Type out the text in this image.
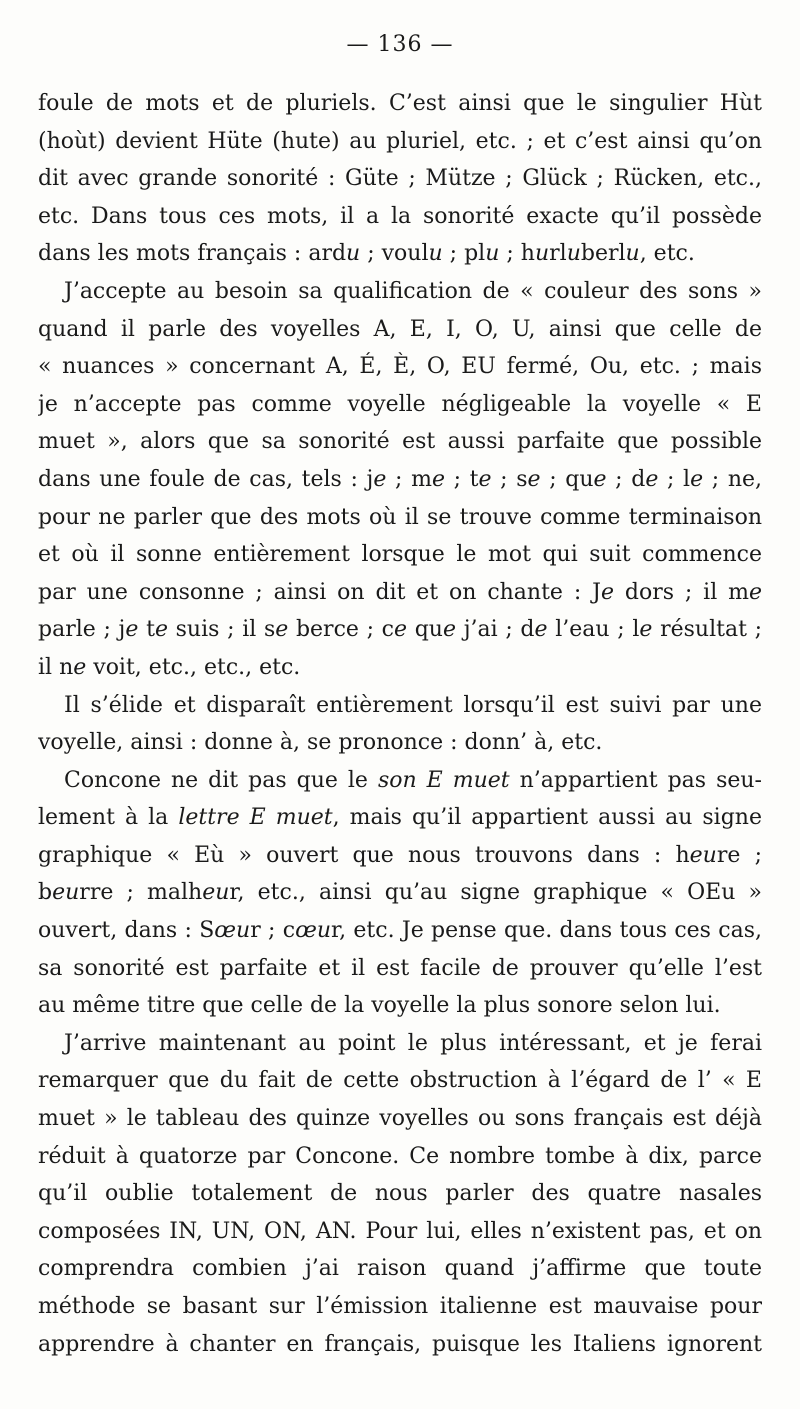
— 136 —
foule de mots et de pluriels. C’est ainsi que le singulier Hùt
(hoùt) devient Hüte (hute) au pluriel, etc. ; et c’est ainsi qu’on
dit avec grande sonorité : Güte ; Mütze ; Glück ; Rücken, etc.,
etc. Dans tous ces mots, il a la sonorité exacte qu’il possède
dans les mots français : ardu ; voulu ; plu ; hurluberlu, etc.
J’accepte au besoin sa qualification de « couleur des sons »
quand il parle des voyelles A, E, I, O, U, ainsi que celle de
« nuances » concernant A, É, È, O, EU fermé, Ou, etc. ; mais
je n’accepte pas comme voyelle négligeable la voyelle « E
muet », alors que sa sonorité est aussi parfaite que possible
dans une foule de cas, tels : je ; me ; te ; se ; que ; de ; le ; ne,
pour ne parler que des mots où il se trouve comme terminaison
et où il sonne entièrement lorsque le mot qui suit commence
par une consonne ; ainsi on dit et on chante : Je dors ; il me
parle ; je te suis ; il se berce ; ce que j’ai ; de l’eau ; le résultat ;
il ne voit, etc., etc., etc.
Il s’élide et disparaît entièrement lorsqu’il est suivi par une
voyelle, ainsi : donne à, se prononce : donn’ à, etc.
Concone ne dit pas que le son E muet n’appartient pas seu-
lement à la lettre E muet, mais qu’il appartient aussi au signe
graphique « Eù » ouvert que nous trouvons dans : heure ;
beurre ; malheur, etc., ainsi qu’au signe graphique « OEu »
ouvert, dans : Sœur ; cœur, etc. Je pense que. dans tous ces cas,
sa sonorité est parfaite et il est facile de prouver qu’elle l’est
au même titre que celle de la voyelle la plus sonore selon lui.
J’arrive maintenant au point le plus intéressant, et je ferai
remarquer que du fait de cette obstruction à l’égard de l’ « E
muet » le tableau des quinze voyelles ou sons français est déjà
réduit à quatorze par Concone. Ce nombre tombe à dix, parce
qu’il oublie totalement de nous parler des quatre nasales
composées IN, UN, ON, AN. Pour lui, elles n’existent pas, et on
comprendra combien j’ai raison quand j’affirme que toute
méthode se basant sur l’émission italienne est mauvaise pour
apprendre à chanter en français, puisque les Italiens ignorent
